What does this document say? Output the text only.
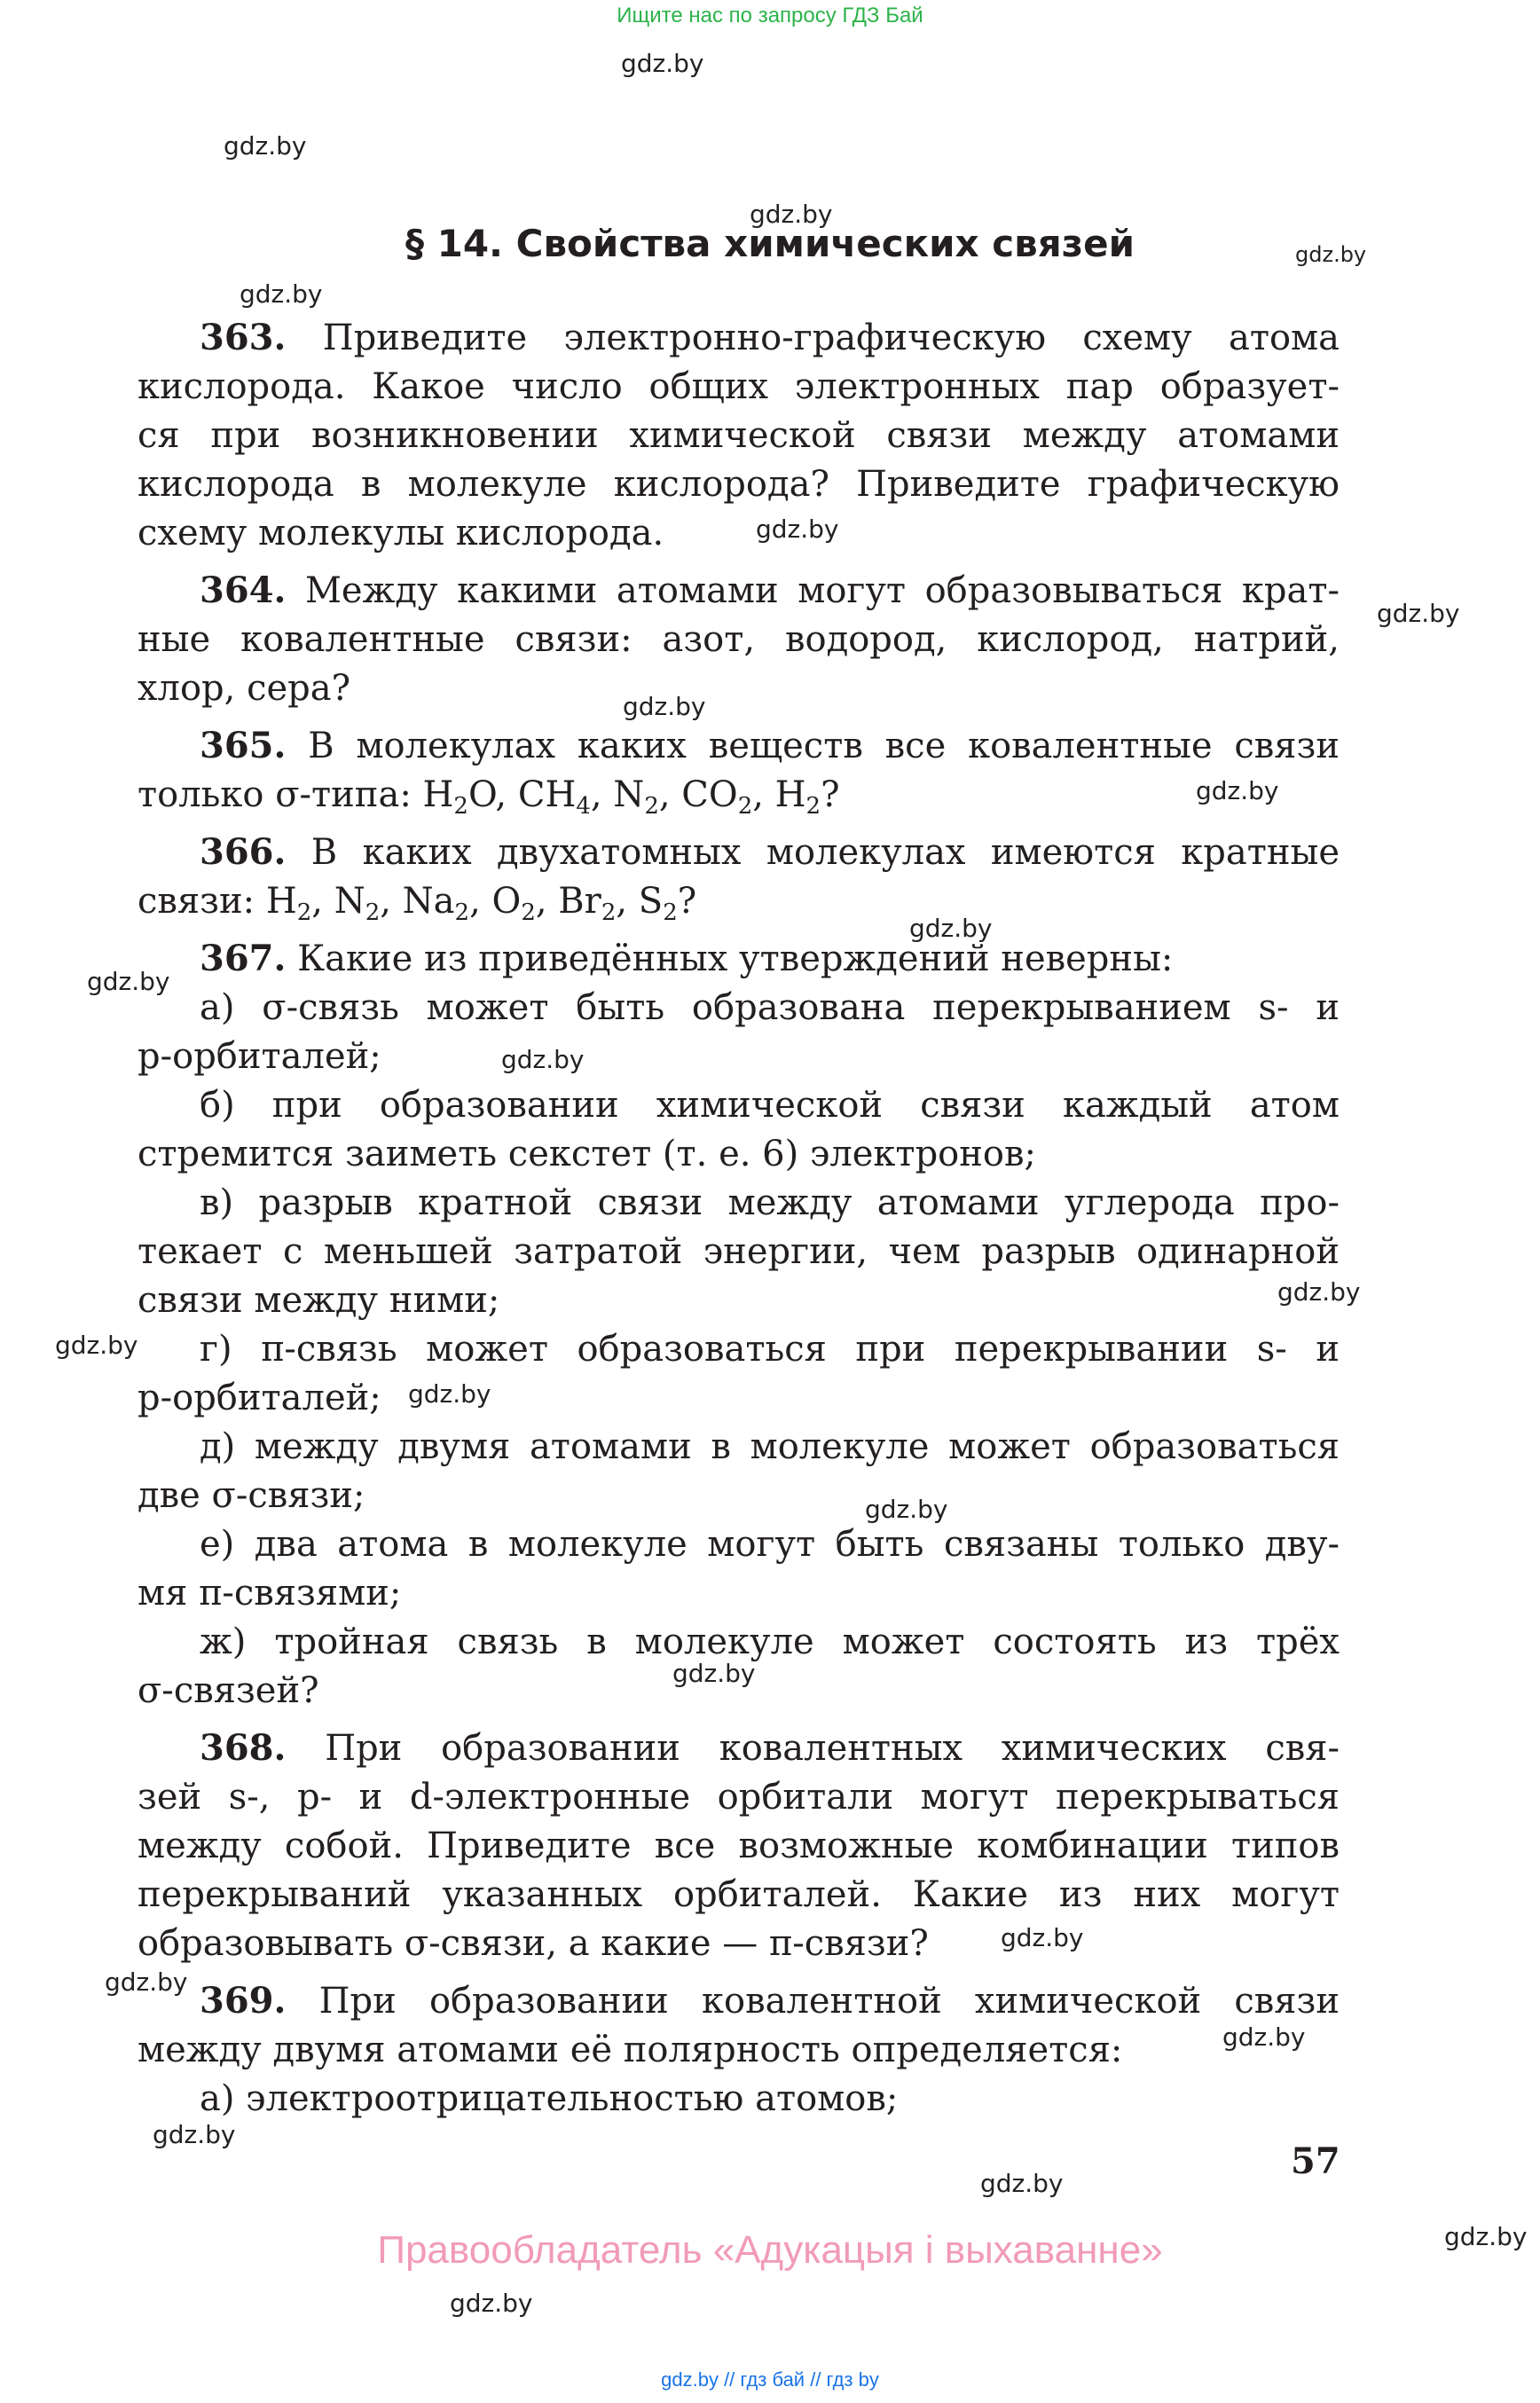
Ищите нас по запросу ГДЗ Бай
gdz.by
gdz.by
gdz.by
gdz.by
gdz.by
gdz.by
gdz.by
gdz.by
gdz.by
gdz.by
gdz.by
gdz.by
gdz.by
gdz.by
gdz.by
gdz.by
gdz.by
gdz.by
gdz.by
gdz.by
gdz.by
gdz.by
gdz.by
gdz.by
§ 14. Свойства химических связей
363. Приведите электронно-графическую схему атома
кислорода. Какое число общих электронных пар образует-
ся при возникновении химической связи между атомами
кислорода в молекуле кислорода? Приведите графическую
схему молекулы кислорода.
364. Между какими атомами могут образовываться крат-
ные ковалентные связи: азот, водород, кислород, натрий,
хлор, сера?
365. В молекулах каких веществ все ковалентные связи
только σ-типа: $H_2O$, $CH_4$, $N_2$, $CO_2$, $H_2$?
366. В каких двухатомных молекулах имеются кратные
связи: $H_2$, $N_2$, $Na_2$, $O_2$, $Br_2$, $S_2$?
367. Какие из приведённых утверждений неверны:
а) σ-связь может быть образована перекрыванием s- и
p-орбиталей;
б) при образовании химической связи каждый атом
стремится заиметь секстет (т. е. 6) электронов;
в) разрыв кратной связи между атомами углерода про-
текает с меньшей затратой энергии, чем разрыв одинарной
связи между ними;
г) π-связь может образоваться при перекрывании s- и
p-орбиталей;
д) между двумя атомами в молекуле может образоваться
две σ-связи;
е) два атома в молекуле могут быть связаны только дву-
мя π-связями;
ж) тройная связь в молекуле может состоять из трёх
σ-связей?
368. При образовании ковалентных химических свя-
зей s-, p- и d-электронные орбитали могут перекрываться
между собой. Приведите все возможные комбинации типов
перекрываний указанных орбиталей. Какие из них могут
образовывать σ-связи, а какие — π-связи?
369. При образовании ковалентной химической связи
между двумя атомами её полярность определяется:
а) электроотрицательностью атомов;
57
Правообладатель «Адукацыя і выхаванне»
gdz.by // гдз бай // гдз by
